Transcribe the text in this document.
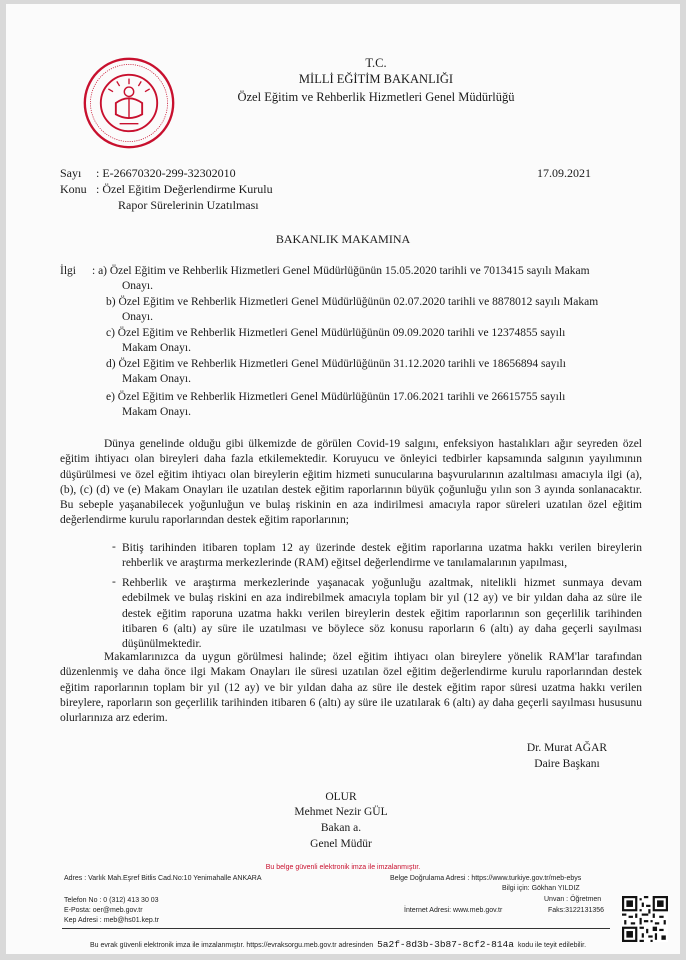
T.C.
MİLLİ EĞİTİM BAKANLIĞI
Özel Eğitim ve Rehberlik Hizmetleri Genel Müdürlüğü
Sayı : E-26670320-299-32302010	17.09.2021
Konu : Özel Eğitim Değerlendirme Kurulu
Rapor Sürelerinin Uzatılması
BAKANLIK MAKAMINA
İlgi : a) Özel Eğitim ve Rehberlik Hizmetleri Genel Müdürlüğünün 15.05.2020 tarihli ve 7013415 sayılı Makam
Onayı.
b) Özel Eğitim ve Rehberlik Hizmetleri Genel Müdürlüğünün 02.07.2020 tarihli ve 8878012 sayılı Makam
Onayı.
c) Özel Eğitim ve Rehberlik Hizmetleri Genel Müdürlüğünün 09.09.2020 tarihli ve 12374855 sayılı
Makam Onayı.
d) Özel Eğitim ve Rehberlik Hizmetleri Genel Müdürlüğünün 31.12.2020 tarihli ve 18656894 sayılı
Makam Onayı.
e) Özel Eğitim ve Rehberlik Hizmetleri Genel Müdürlüğünün 17.06.2021 tarihli ve 26615755 sayılı
Makam Onayı.
Dünya genelinde olduğu gibi ülkemizde de görülen Covid-19 salgını, enfeksiyon hastalıkları ağır seyreden özel eğitim ihtiyacı olan bireyleri daha fazla etkilemektedir. Koruyucu ve önleyici tedbirler kapsamında salgının yayılımının düşürülmesi ve özel eğitim ihtiyacı olan bireylerin eğitim hizmeti sunucularına başvurularının azaltılması amacıyla ilgi (a), (b), (c) (d) ve (e) Makam Onayları ile uzatılan destek eğitim raporlarının büyük çoğunluğu yılın son 3 ayında sonlanacaktır. Bu sebeple yaşanabilecek yoğunluğun ve bulaş riskinin en aza indirilmesi amacıyla rapor süreleri uzatılan özel eğitim değerlendirme kurulu raporlarından destek eğitim raporlarının;
- Bitiş tarihinden itibaren toplam 12 ay üzerinde destek eğitim raporlarına uzatma hakkı verilen bireylerin rehberlik ve araştırma merkezlerinde (RAM) eğitsel değerlendirme ve tanılamalarının yapılması,
- Rehberlik ve araştırma merkezlerinde yaşanacak yoğunluğu azaltmak, nitelikli hizmet sunmaya devam edebilmek ve bulaş riskini en aza indirebilmek amacıyla toplam bir yıl (12 ay) ve bir yıldan daha az süre ile destek eğitim raporuna uzatma hakkı verilen bireylerin destek eğitim raporlarının son geçerlilik tarihinden itibaren 6 (altı) ay süre ile uzatılması ve böylece söz konusu raporların 6 (altı) ay daha geçerli sayılması düşünülmektedir.
Makamlarınızca da uygun görülmesi halinde; özel eğitim ihtiyacı olan bireylere yönelik RAM'lar tarafından düzenlenmiş ve daha önce ilgi Makam Onayları ile süresi uzatılan özel eğitim değerlendirme kurulu raporlarından destek eğitim raporlarının toplam bir yıl (12 ay) ve bir yıldan daha az süre ile destek eğitim rapor süresi uzatma hakkı verilen bireylere, raporların son geçerlilik tarihinden itibaren 6 (altı) ay süre ile uzatılarak 6 (altı) ay daha geçerli sayılması hususunu olurlarınıza arz ederim.
Dr. Murat AĞAR
Daire Başkanı
OLUR
Mehmet Nezir GÜL
Bakan a.
Genel Müdür
Bu belge güvenli elektronik imza ile imzalanmıştır.
Adres : Varlık Mah.Eşref Bitlis Cad.No:10 Yenimahalle ANKARA	Belge Doğrulama Adresi : https://www.turkiye.gov.tr/meb-ebys
Bilgi için: Gökhan YILDIZ
Unvan : Öğretmen
Telefon No : 0 (312) 413 30 03
E-Posta: oer@meb.gov.tr	İnternet Adresi: www.meb.gov.tr	Faks:3122131356
Kep Adresi : meb@hs01.kep.tr
Bu evrak güvenli elektronik imza ile imzalanmıştır. https://evraksorgu.meb.gov.tr adresinden 5a2f-8d3b-3b87-8cf2-814a kodu ile teyit edilebilir.
